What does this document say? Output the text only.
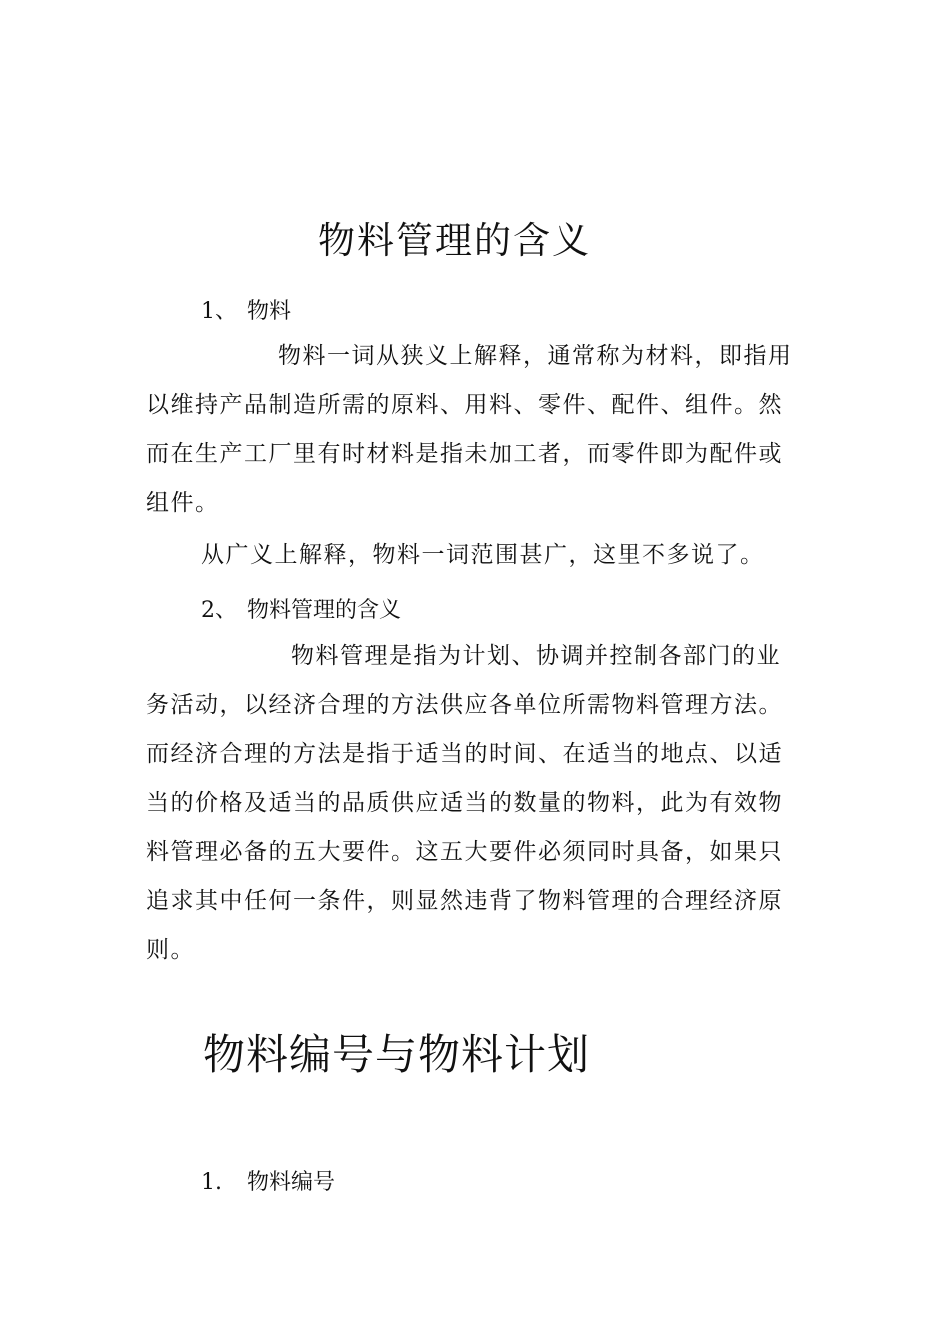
物料管理的含义
1、 物料

物料一词从狭义上解释，通常称为材料，即指用
以维持产品制造所需的原料、用料、零件、配件、组件。然
而在生产工厂里有时材料是指未加工者，而零件即为配件或
组件。

从广义上解释，物料一词范围甚广，这里不多说了。
2、 物料管理的含义

物料管理是指为计划、协调并控制各部门的业
务活动，以经济合理的方法供应各单位所需物料管理方法。
而经济合理的方法是指于适当的时间、在适当的地点、以适
当的价格及适当的品质供应适当的数量的物料，此为有效物
料管理必备的五大要件。这五大要件必须同时具备，如果只
追求其中任何一条件，则显然违背了物料管理的合理经济原
则。

物料编号与物料计划
1. 物料编号
